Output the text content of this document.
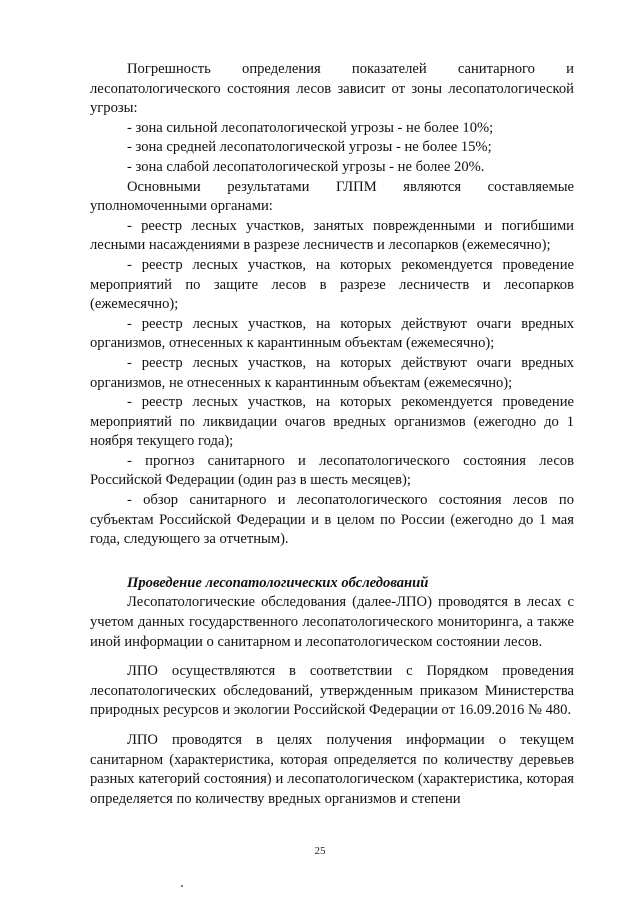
Погрешность определения показателей санитарного и лесопатологического состояния лесов зависит от зоны лесопатологической угрозы:

- зона сильной лесопатологической угрозы - не более 10%;

- зона средней лесопатологической угрозы - не более 15%;

- зона слабой лесопатологической угрозы - не более 20%.

Основными результатами ГЛПМ являются составляемые уполномоченными органами:

- реестр лесных участков, занятых поврежденными и погибшими лесными насаждениями в разрезе лесничеств и лесопарков (ежемесячно);

- реестр лесных участков, на которых рекомендуется проведение мероприятий по защите лесов в разрезе лесничеств и лесопарков (ежемесячно);

- реестр лесных участков, на которых действуют очаги вредных организмов, отнесенных к карантинным объектам (ежемесячно);

- реестр лесных участков, на которых действуют очаги вредных организмов, не отнесенных к карантинным объектам (ежемесячно);

- реестр лесных участков, на которых рекомендуется проведение мероприятий по ликвидации очагов вредных организмов (ежегодно до 1 ноября текущего года);

- прогноз санитарного и лесопатологического состояния лесов Российской Федерации (один раз в шесть месяцев);

- обзор санитарного и лесопатологического состояния лесов по субъектам Российской Федерации и в целом по России (ежегодно до 1 мая года, следующего за отчетным).

Проведение лесопатологических обследований

Лесопатологические обследования (далее-ЛПО) проводятся в лесах с учетом данных государственного лесопатологического мониторинга, а также иной информации о санитарном и лесопатологическом состоянии лесов.

ЛПО осуществляются в соответствии с Порядком проведения лесопатологических обследований, утвержденным приказом Министерства природных ресурсов и экологии Российской Федерации от 16.09.2016 № 480.

ЛПО проводятся в целях получения информации о текущем санитарном (характеристика, которая определяется по количеству деревьев разных категорий состояния) и лесопатологическом (характеристика, которая определяется по количеству вредных организмов и степени

25
